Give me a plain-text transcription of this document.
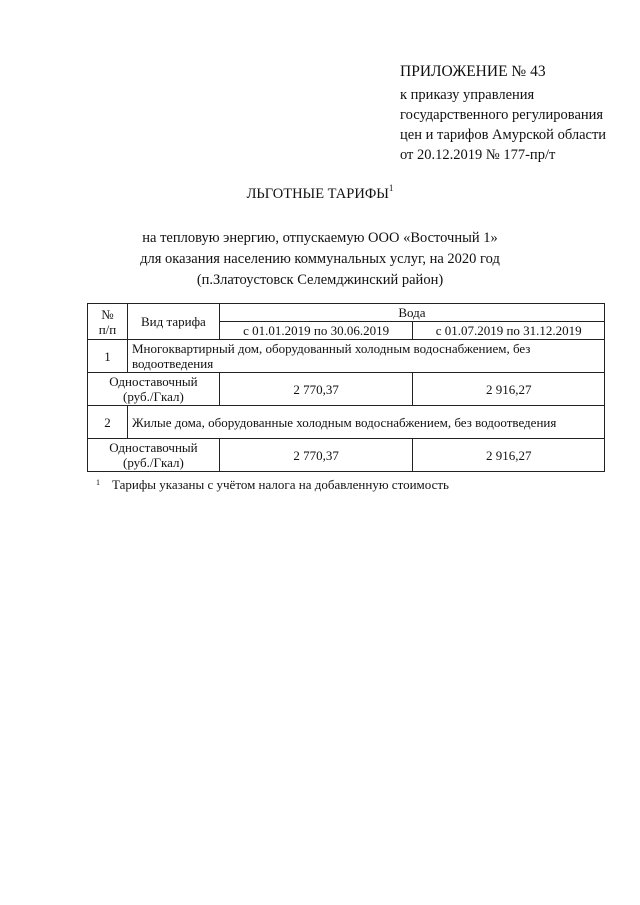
ПРИЛОЖЕНИЕ № 43
к приказу управления
государственного регулирования
цен и тарифов Амурской области
от 20.12.2019 № 177-пр/т
ЛЬГОТНЫЕ ТАРИФЫ$^1$
на тепловую энергию, отпускаемую ООО «Восточный 1»
для оказания населению коммунальных услуг, на 2020 год
(п.Златоустовск Селемджинский район)
№
п/п	Вид тарифа	Вода	
		с 01.01.2019 по 30.06.2019	с 01.07.2019 по 31.12.2019
1	Многоквартирный дом, оборудованный холодным водоснабжением, без водоотведения		
Одноставочный
(руб./Гкал)		2 770,37	2 916,27
2	Жилые дома, оборудованные холодным водоснабжением, без водоотведения		
Одноставочный
(руб./Гкал)		2 770,37	2 916,27
$^1$ Тарифы указаны с учётом налога на добавленную стоимость
